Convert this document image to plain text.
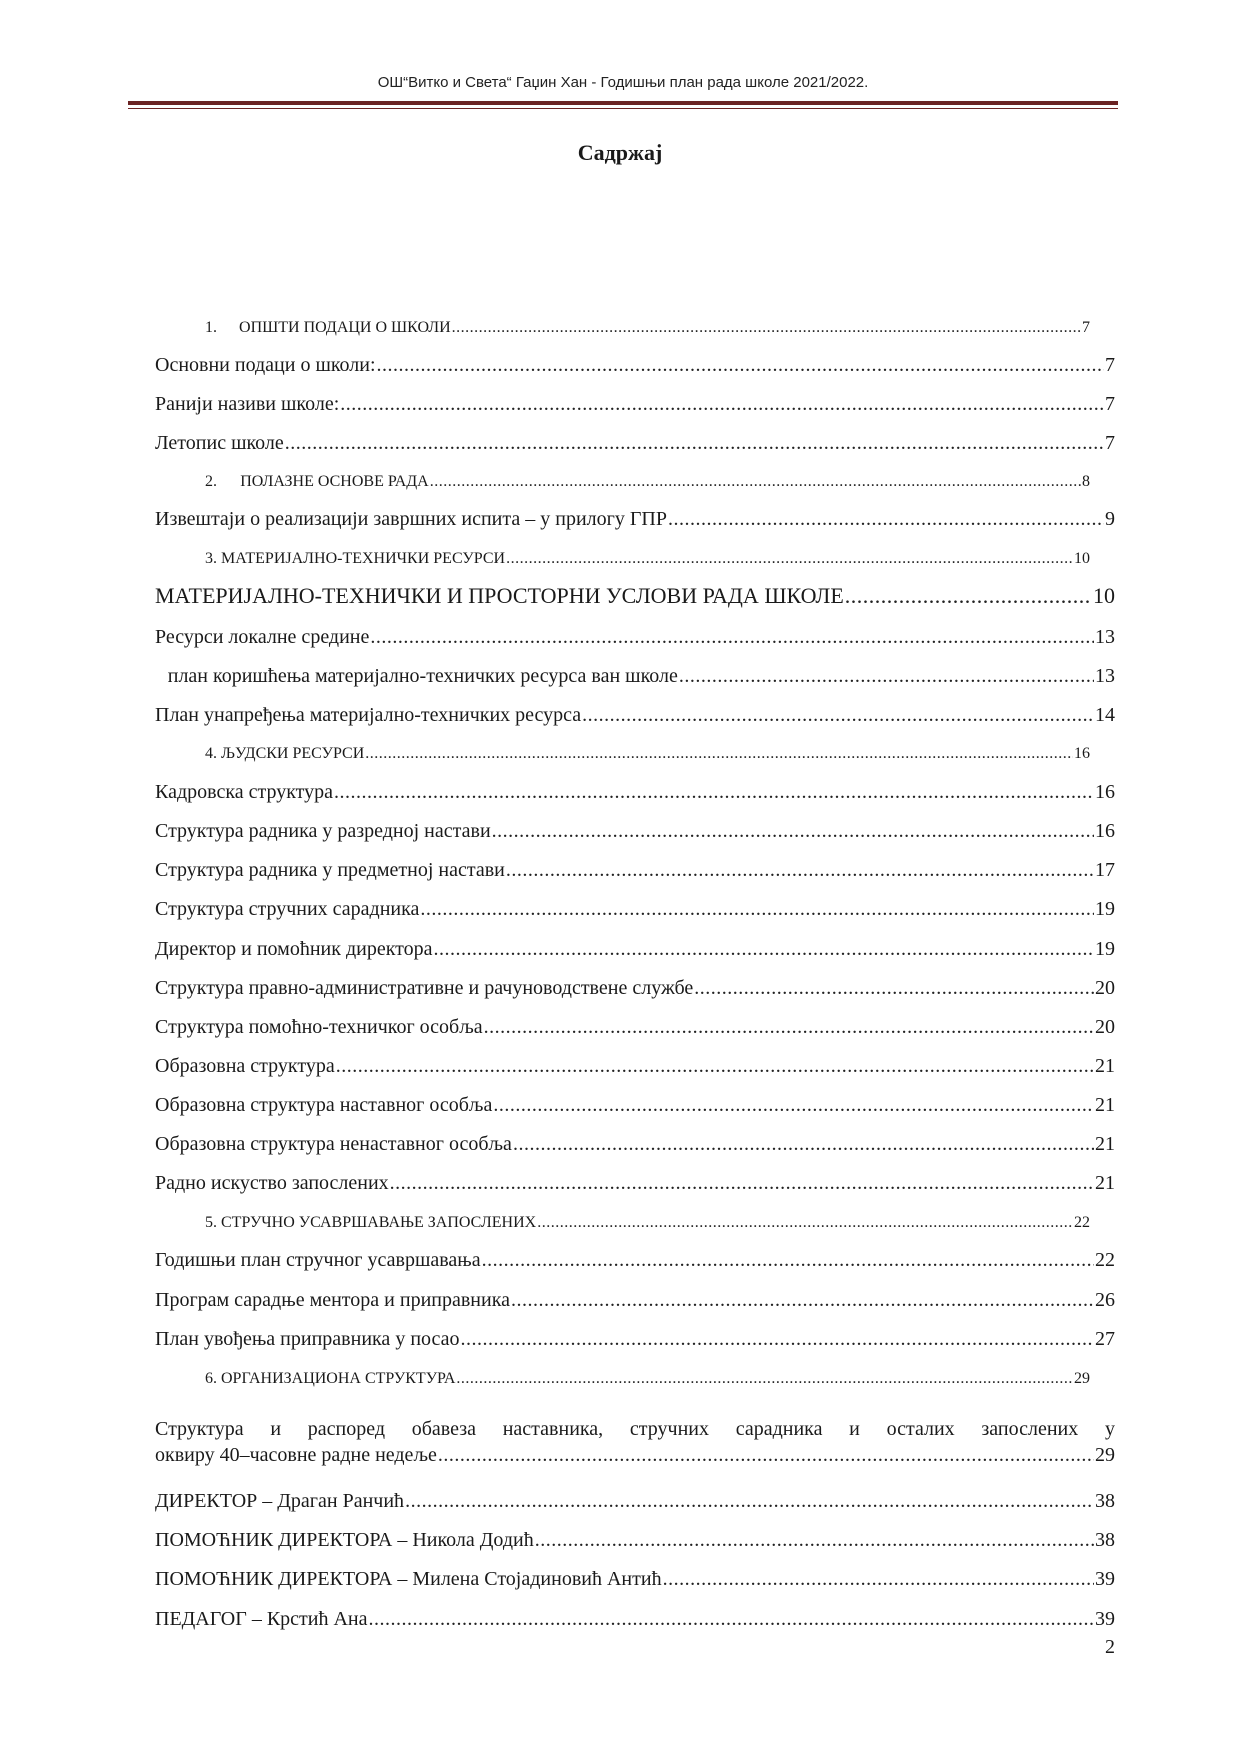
ОШ“Витко и Света“ Гаџин Хан - Годишњи план рада школе 2021/2022.
Садржај
1.	ОПШТИ ПОДАЦИ О ШКОЛИ .....	7
Основни подаци о школи: .....	7
Ранији називи школе: .....	7
Летопис школе .....	7
2.	ПОЛАЗНЕ ОСНОВЕ РАДА .....	8
Извештаји о реализацији завршних испита – у прилогу ГПР .....	9
3. МАТЕРИЈАЛНО-ТЕХНИЧКИ РЕСУРСИ .....	10
МАТЕРИЈАЛНО-ТЕХНИЧКИ И ПРОСТОРНИ УСЛОВИ РАДА ШКОЛЕ .....	10
Ресурси локалне средине .....	13
план коришћења материјално-техничких ресурса ван школе .....	13
План унапређења материјално-техничких ресурса .....	14
4. ЉУДСКИ РЕСУРСИ .....	16
Кадровска структура .....	16
Структура радника у разредној настави .....	16
Структура радника у предметној настави .....	17
Структура стручних сарадника .....	19
Директор и помоћник директора .....	19
Структура правно-административне и рачуноводствене службе .....	20
Структура помоћно-техничког особља .....	20
Образовна структура .....	21
Образовна структура наставног особља .....	21
Образовна структура ненаставног особља .....	21
Радно искуство запослених .....	21
5. СТРУЧНО УСАВРШАВАЊЕ ЗАПОСЛЕНИХ .....	22
Годишњи план стручног усавршавања .....	22
Програм сарадње ментора и приправника .....	26
План увођења приправника у посао .....	27
6. ОРГАНИЗАЦИОНА СТРУКТУРА .....	29
Структура и распоред обавеза наставника, стручних сарадника и осталих запослених у
оквиру 40–часовне радне недеље .....	29
ДИРЕКТОР – Драган Ранчић .....	38
ПОМОЋНИК ДИРЕКТОРА – Никола Додић .....	38
ПОМОЋНИК ДИРЕКТОРА – Милена Стојадиновић Антић .....	39
ПЕДАГОГ – Крстић Ана .....	39
2
